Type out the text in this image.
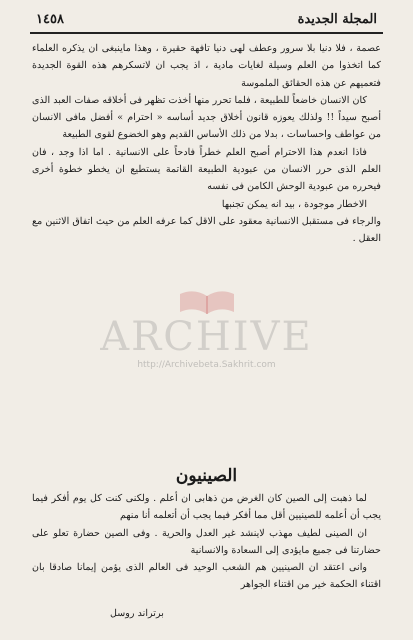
المجلة الجديدة
١٤٥٨

عصمة ، فلا دنيا بلا سرور وعطف لهى دنيا تافهة حقيرة ، وهذا ماينبغى ان يذكره العلماء كما اتخذوا من العلم وسيلة لغايات مادية ، اذ يجب ان لاتسكرهم هذه القوة الجديدة فتعميهم عن هذه الحقائق الملموسة

كان الانسان خاضعاً للطبيعة ، فلما تحرر منها أخذت تظهر فى أخلاقه صفات العبد الذى أصبح سيداً !! ولذلك يعوزه قانون أخلاق جديد أساسه « احترام » أفضل مافى الانسان من عواطف واحساسات ، بدلا من ذلك الأساس القديم وهو الخضوع لقوى الطبيعة

فاذا انعدم هذا الاحترام أصبح العلم خطراً فادحاً على الانسانية . اما اذا وجد ، فان العلم الذى حرر الانسان من عبودية الطبيعة القاتمة يستطيع ان يخطو خطوة أخرى فيحرره من عبودية الوحش الكامن فى نفسه

الاخطار موجودة ، بيد انه يمكن تجنبها

والرجاء فى مستقبل الانسانية معقود على الاقل كما عرفه العلم من حيث اتفاق الاثنين مع العقل .

ARCHIVE
http://Archivebeta.Sakhrit.com
الصينيون

لما ذهبت إلى الصين كان الغرض من ذهابى ان أعلم . ولكنى كنت كل يوم أفكر فيما يجب أن أعلمه للصينيين أقل مما أفكر فيما يجب أن أتعلمه أنا منهم

ان الصينى لطيف مهذب لاينشد غير العدل والحرية . وفى الصين حضارة تعلو على حضارتنا فى جميع مايؤدى إلى السعادة والانسانية

وانى اعتقد ان الصينيين هم الشعب الوحيد فى العالم الذى يؤمن إيمانا صادقا بان اقتناء الحكمة خير من اقتناء الجواهر

برتراند روسل
